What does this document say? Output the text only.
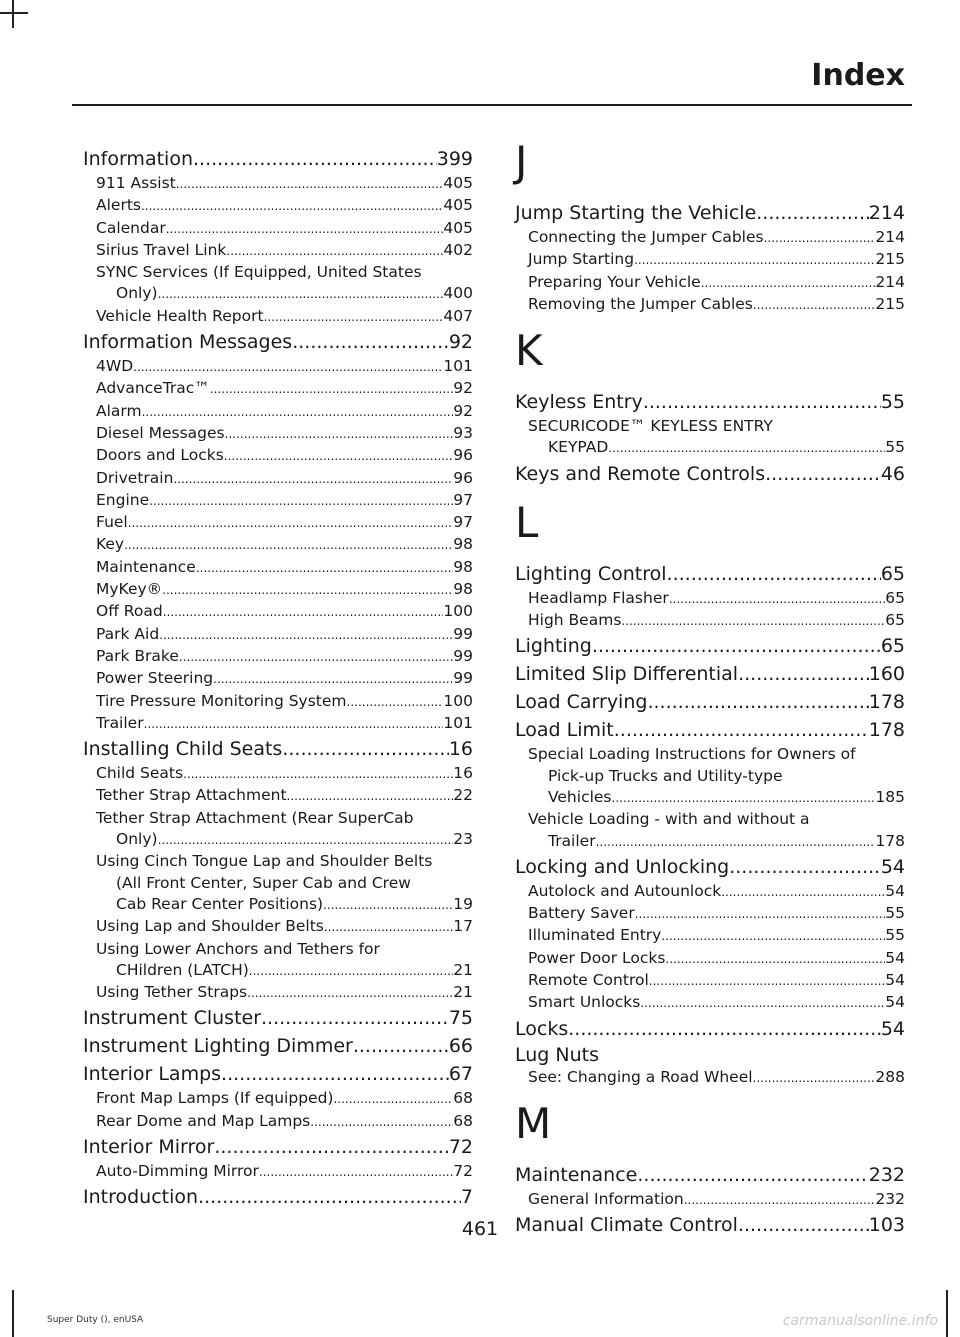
Index
Information .....	399
911 Assist .....	405
Alerts .....	405
Calendar .....	405
Sirius Travel Link .....	402
SYNC Services (If Equipped, United States
Only) .....	400
Vehicle Health Report .....	407
Information Messages .....	92
4WD .....	101
AdvanceTrac™ .....	92
Alarm .....	92
Diesel Messages .....	93
Doors and Locks .....	96
Drivetrain .....	96
Engine .....	97
Fuel .....	97
Key .....	98
Maintenance .....	98
MyKey® .....	98
Off Road .....	100
Park Aid .....	99
Park Brake .....	99
Power Steering .....	99
Tire Pressure Monitoring System .....	100
Trailer .....	101
Installing Child Seats .....	16
Child Seats .....	16
Tether Strap Attachment .....	22
Tether Strap Attachment (Rear SuperCab
Only) .....	23
Using Cinch Tongue Lap and Shoulder Belts
(All Front Center, Super Cab and Crew
Cab Rear Center Positions) .....	19
Using Lap and Shoulder Belts .....	17
Using Lower Anchors and Tethers for
CHildren (LATCH) .....	21
Using Tether Straps .....	21
Instrument Cluster .....	75
Instrument Lighting Dimmer .....	66
Interior Lamps .....	67
Front Map Lamps (If equipped) .....	68
Rear Dome and Map Lamps .....	68
Interior Mirror .....	72
Auto-Dimming Mirror .....	72
Introduction .....	7
J
Jump Starting the Vehicle .....	214
Connecting the Jumper Cables .....	214
Jump Starting .....	215
Preparing Your Vehicle .....	214
Removing the Jumper Cables .....	215
K
Keyless Entry .....	55
SECURICODE™ KEYLESS ENTRY
KEYPAD .....	55
Keys and Remote Controls .....	46
L
Lighting Control .....	65
Headlamp Flasher .....	65
High Beams .....	65
Lighting .....	65
Limited Slip Differential .....	160
Load Carrying .....	178
Load Limit .....	178
Special Loading Instructions for Owners of
Pick-up Trucks and Utility-type
Vehicles .....	185
Vehicle Loading - with and without a
Trailer .....	178
Locking and Unlocking .....	54
Autolock and Autounlock .....	54
Battery Saver .....	55
Illuminated Entry .....	55
Power Door Locks .....	54
Remote Control .....	54
Smart Unlocks .....	54
Locks .....	54
Lug Nuts
See: Changing a Road Wheel .....	288
M
Maintenance .....	232
General Information .....	232
Manual Climate Control .....	103
461
Super Duty (), enUSA	carmanualsonline.info
